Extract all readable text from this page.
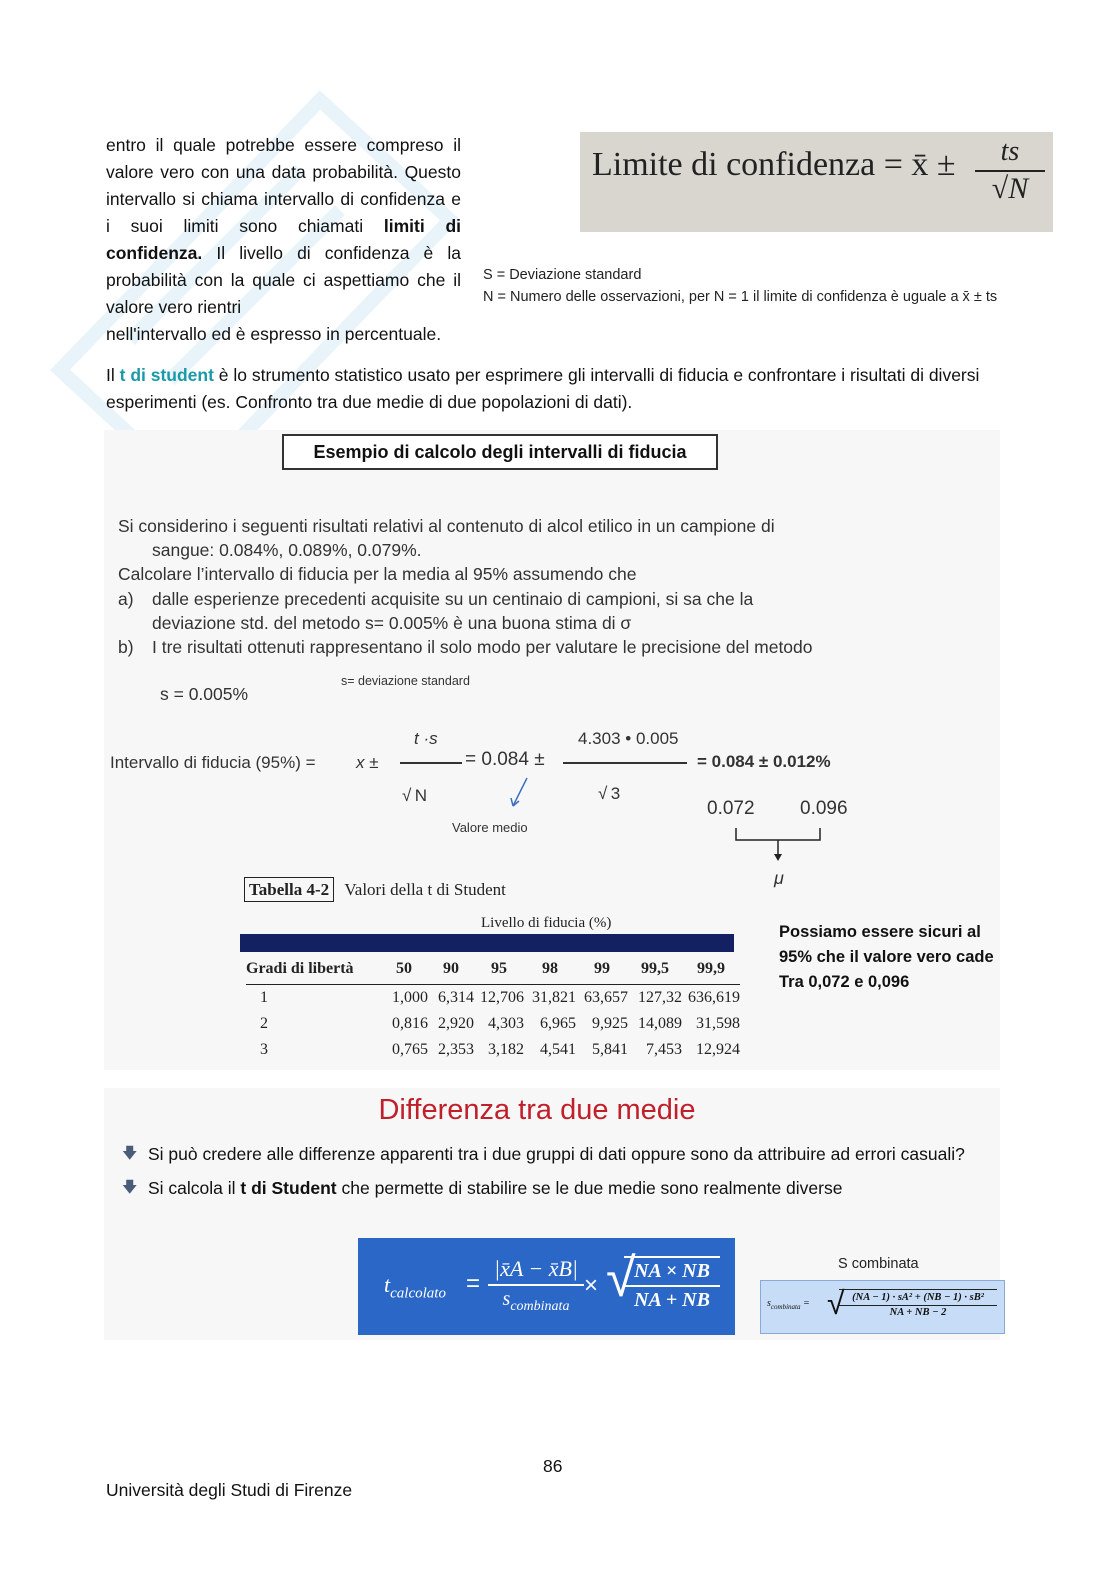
entro il quale potrebbe essere compreso il valore vero con una data probabilità. Questo intervallo si chiama intervallo di confidenza e i suoi limiti sono chiamati limiti di confidenza. Il livello di confidenza è la probabilità con la quale ci aspettiamo che il valore vero rientri
nell'intervallo ed è espresso in percentuale.
Limite di confidenza = x̄ ± $\frac{ts}{√N}$
S = Deviazione standard
N = Numero delle osservazioni, per N = 1 il limite di confidenza è uguale a x̄ ± ts
Il t di student è lo strumento statistico usato per esprimere gli intervalli di fiducia e confrontare i risultati di diversi esperimenti (es. Confronto tra due medie di due popolazioni di dati).
Esempio di calcolo degli intervalli di fiducia
Si considerino i seguenti risultati relativi al contenuto di alcol etilico in un campione di
sangue: 0.084%, 0.089%, 0.079%.
Calcolare l’intervallo di fiducia per la media al 95% assumendo che
a) dalle esperienze precedenti acquisite su un centinaio di campioni, si sa che la
deviazione std. del metodo s= 0.005% è una buona stima di σ
b) I tre risultati ottenuti rappresentano il solo modo per valutare le precisione del metodo
s = 0.005%
s= deviazione standard
Intervallo di fiducia (95%) = x ±
t ·s
√ N
= 0.084 ±
4.303 • 0.005
√ 3
= 0.084 ± 0.012%
Valore medio
0.072 0.096
μ
Tabella 4-2 Valori della t di Student
Livello di fiducia (%)
Gradi di libertà	50	90	95	98	99	99,5	99,9
1	1,000	6,314	12,706	31,821	63,657	127,32	636,619
2	0,816	2,920	4,303	6,965	9,925	14,089	31,598
3	0,765	2,353	3,182	4,541	5,841	7,453	12,924
Possiamo essere sicuri al
95% che il valore vero cade
Tra 0,072 e 0,096
Differenza tra due medie
🡇 Si può credere alle differenze apparenti tra i due gruppi di dati oppure sono da attribuire ad errori casuali?
🡇 Si calcola il t di Student che permette di stabilire se le due medie sono realmente diverse
$t_{calcolato}$ =
|x̄A − x̄B|
$s_{combinata}$
× √
$\frac{NA \times NB}{NA + NB}$	S combinata
$s_{combinata}$ = √
$\frac{\text{(NA − 1) · sA² + (NB − 1) · sB²}}{NA + NB - 2}$
86
Università degli Studi di Firenze
